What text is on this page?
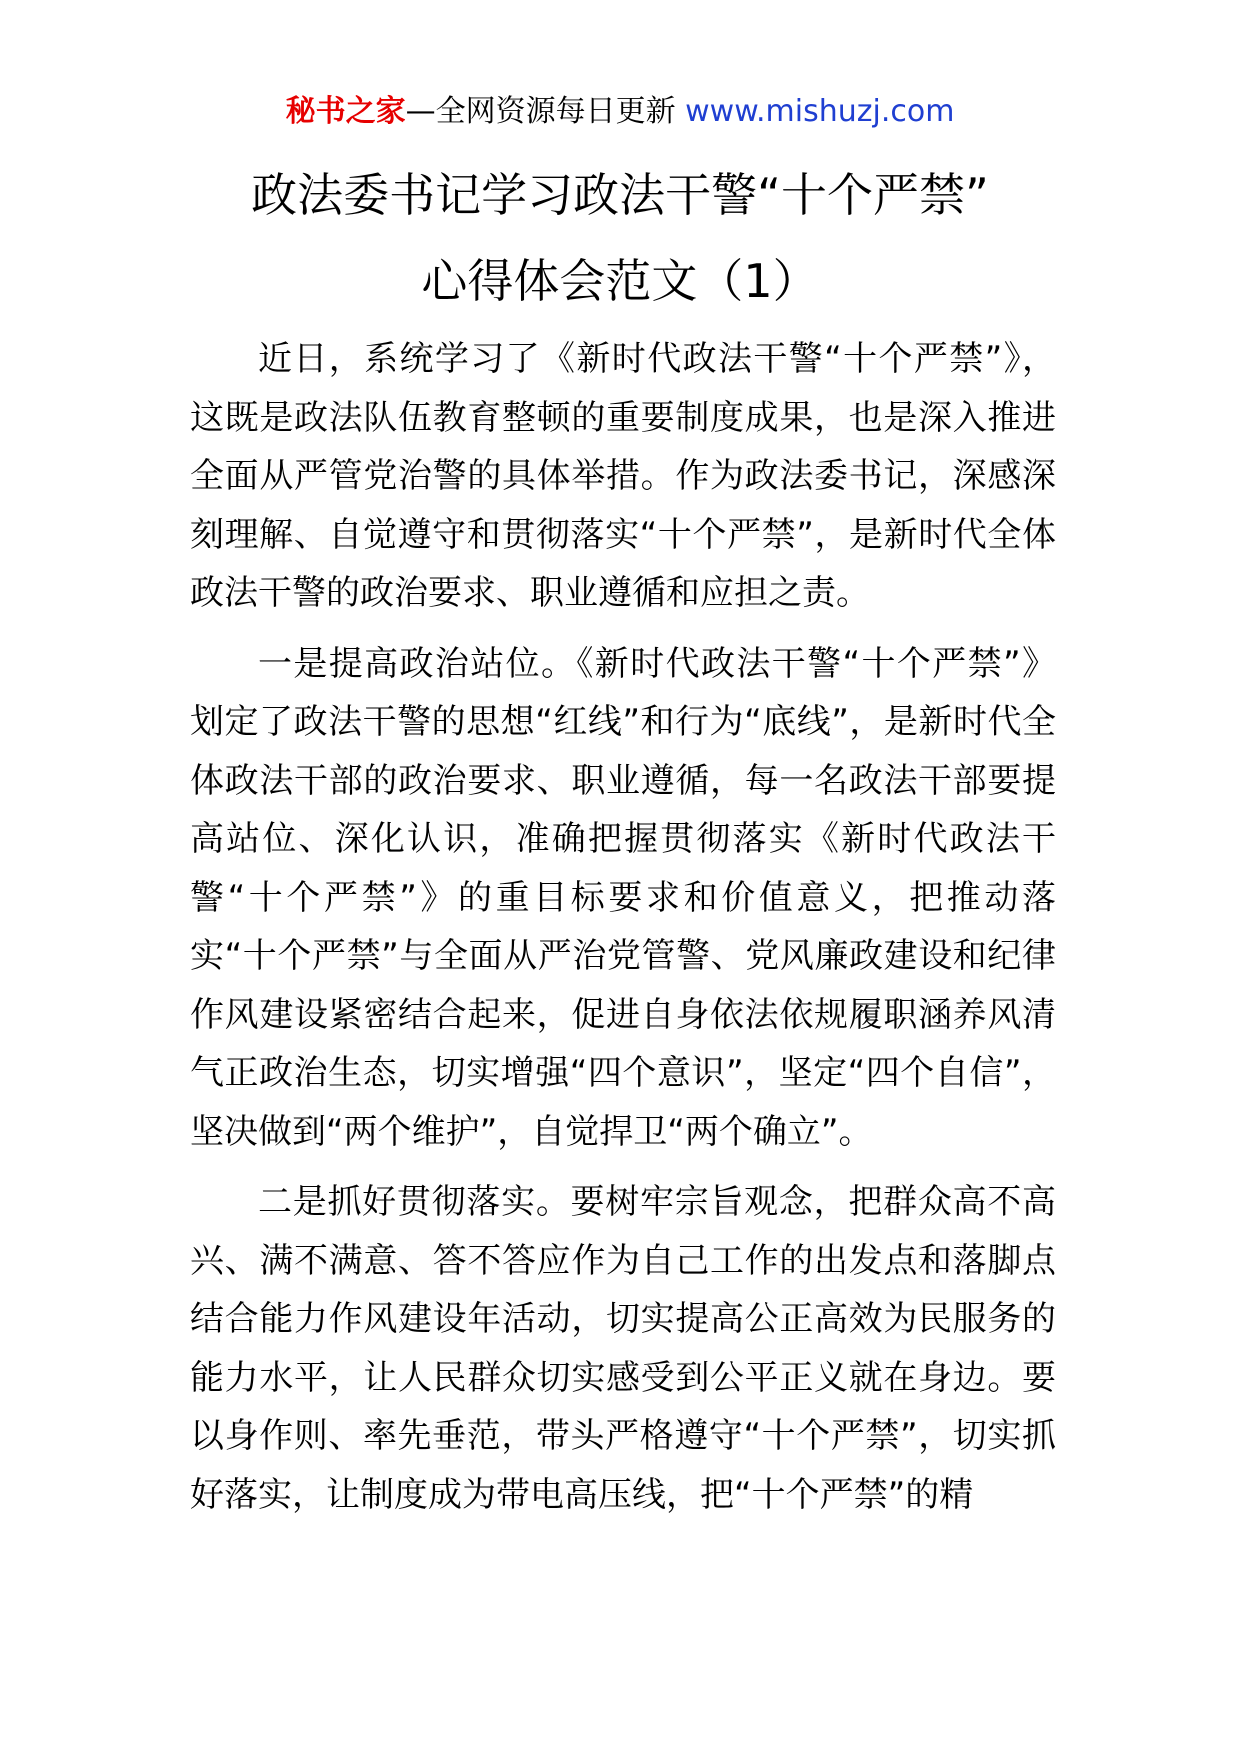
秘书之家—全网资源每日更新 www.mishuzj.com
政法委书记学习政法干警“十个严禁”
心得体会范文（1）

近日，系统学习了《新时代政法干警“十个严禁”》，这既是政法队伍教育整顿的重要制度成果，也是深入推进全面从严管党治警的具体举措。作为政法委书记，深感深刻理解、自觉遵守和贯彻落实“十个严禁”，是新时代全体政法干警的政治要求、职业遵循和应担之责。

一是提高政治站位。《新时代政法干警“十个严禁”》划定了政法干警的思想“红线”和行为“底线”，是新时代全体政法干部的政治要求、职业遵循，每一名政法干部要提高站位、深化认识，准确把握贯彻落实《新时代政法干警“十个严禁”》的重目标要求和价值意义，把推动落实“十个严禁”与全面从严治党管警、党风廉政建设和纪律作风建设紧密结合起来，促进自身依法依规履职涵养风清气正政治生态，切实增强“四个意识”，坚定“四个自信”，坚决做到“两个维护”，自觉捍卫“两个确立”。

二是抓好贯彻落实。要树牢宗旨观念，把群众高不高兴、满不满意、答不答应作为自己工作的出发点和落脚点结合能力作风建设年活动，切实提高公正高效为民服务的能力水平，让人民群众切实感受到公平正义就在身边。要以身作则、率先垂范，带头严格遵守“十个严禁”，切实抓好落实，让制度成为带电高压线，把“十个严禁”的精
